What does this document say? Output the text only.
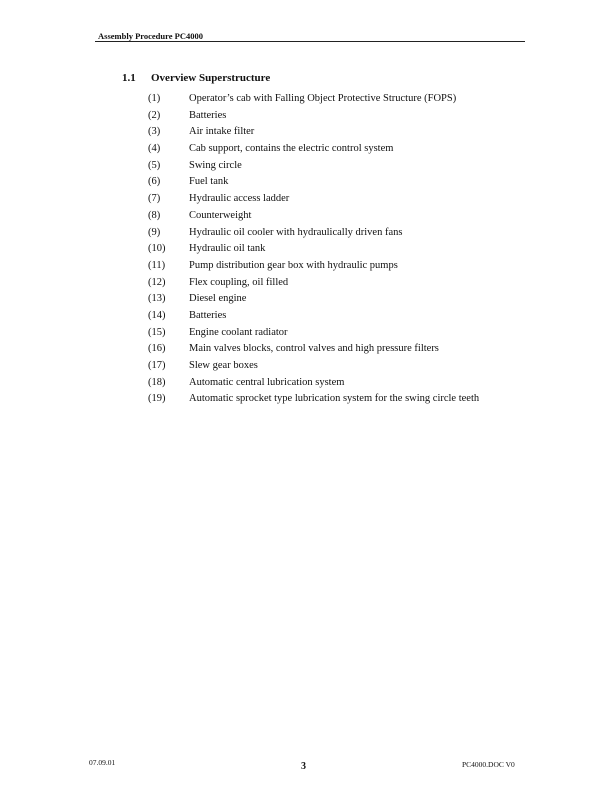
Assembly Procedure PC4000
1.1 Overview Superstructure
(1)	Operator’s cab with Falling Object Protective Structure (FOPS)
(2)	Batteries
(3)	Air intake filter
(4)	Cab support, contains the electric control system
(5)	Swing circle
(6)	Fuel tank
(7)	Hydraulic access ladder
(8)	Counterweight
(9)	Hydraulic oil cooler with hydraulically driven fans
(10) Hydraulic oil tank
(11) Pump distribution gear box with hydraulic pumps
(12) Flex coupling, oil filled
(13) Diesel engine
(14) Batteries
(15) Engine coolant radiator
(16) Main valves blocks, control valves and high pressure filters
(17) Slew gear boxes
(18) Automatic central lubrication system
(19) Automatic sprocket type lubrication system for the swing circle teeth
07.09.01	3	PC4000.DOC V0
